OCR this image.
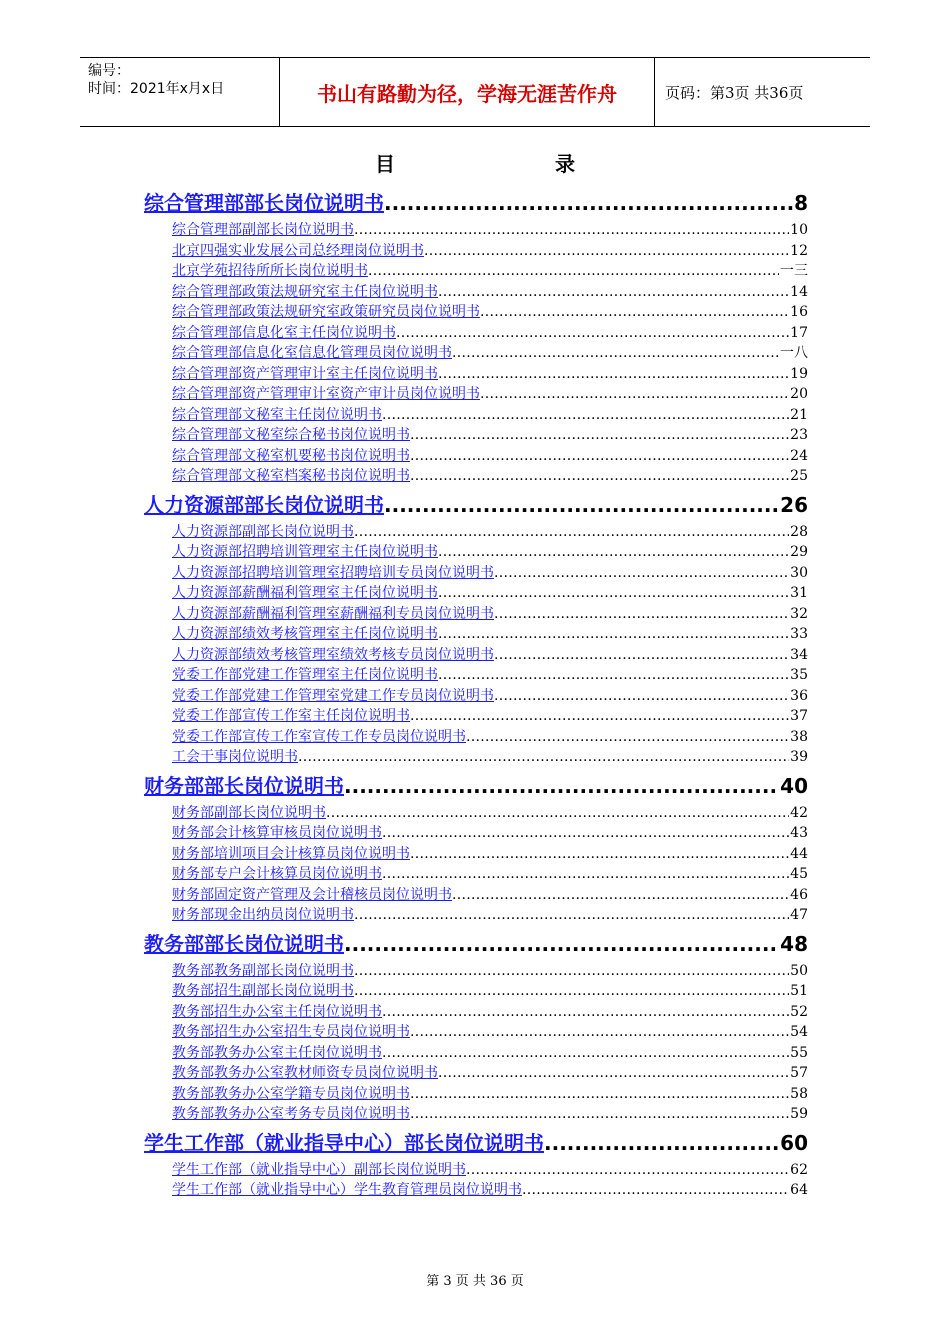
编号：
时间：2021年x月x日	书山有路勤为径，学海无涯苦作舟	页码：第3页 共36页
目	录
综合管理部部长岗位说明书 .....	8
综合管理部副部长岗位说明书 .....	10
北京四强实业发展公司总经理岗位说明书 .....	12
北京学苑招待所所长岗位说明书 .....	一三
综合管理部政策法规研究室主任岗位说明书 .....	14
综合管理部政策法规研究室政策研究员岗位说明书 .....	16
综合管理部信息化室主任岗位说明书 .....	17
综合管理部信息化室信息化管理员岗位说明书 .....	一八
综合管理部资产管理审计室主任岗位说明书 .....	19
综合管理部资产管理审计室资产审计员岗位说明书 .....	20
综合管理部文秘室主任岗位说明书 .....	21
综合管理部文秘室综合秘书岗位说明书 .....	23
综合管理部文秘室机要秘书岗位说明书 .....	24
综合管理部文秘室档案秘书岗位说明书 .....	25
人力资源部部长岗位说明书 .....	26
人力资源部副部长岗位说明书 .....	28
人力资源部招聘培训管理室主任岗位说明书 .....	29
人力资源部招聘培训管理室招聘培训专员岗位说明书 .....	30
人力资源部薪酬福利管理室主任岗位说明书 .....	31
人力资源部薪酬福利管理室薪酬福利专员岗位说明书 .....	32
人力资源部绩效考核管理室主任岗位说明书 .....	33
人力资源部绩效考核管理室绩效考核专员岗位说明书 .....	34
党委工作部党建工作管理室主任岗位说明书 .....	35
党委工作部党建工作管理室党建工作专员岗位说明书 .....	36
党委工作部宣传工作室主任岗位说明书 .....	37
党委工作部宣传工作室宣传工作专员岗位说明书 .....	38
工会干事岗位说明书 .....	39
财务部部长岗位说明书 .....	40
财务部副部长岗位说明书 .....	42
财务部会计核算审核员岗位说明书 .....	43
财务部培训项目会计核算员岗位说明书 .....	44
财务部专户会计核算员岗位说明书 .....	45
财务部固定资产管理及会计稽核员岗位说明书 .....	46
财务部现金出纳员岗位说明书 .....	47
教务部部长岗位说明书 .....	48
教务部教务副部长岗位说明书 .....	50
教务部招生副部长岗位说明书 .....	51
教务部招生办公室主任岗位说明书 .....	52
教务部招生办公室招生专员岗位说明书 .....	54
教务部教务办公室主任岗位说明书 .....	55
教务部教务办公室教材师资专员岗位说明书 .....	57
教务部教务办公室学籍专员岗位说明书 .....	58
教务部教务办公室考务专员岗位说明书 .....	59
学生工作部（就业指导中心）部长岗位说明书 .....	60
学生工作部（就业指导中心）副部长岗位说明书 .....	62
学生工作部（就业指导中心）学生教育管理员岗位说明书 .....	64
第 3 页 共 36 页
